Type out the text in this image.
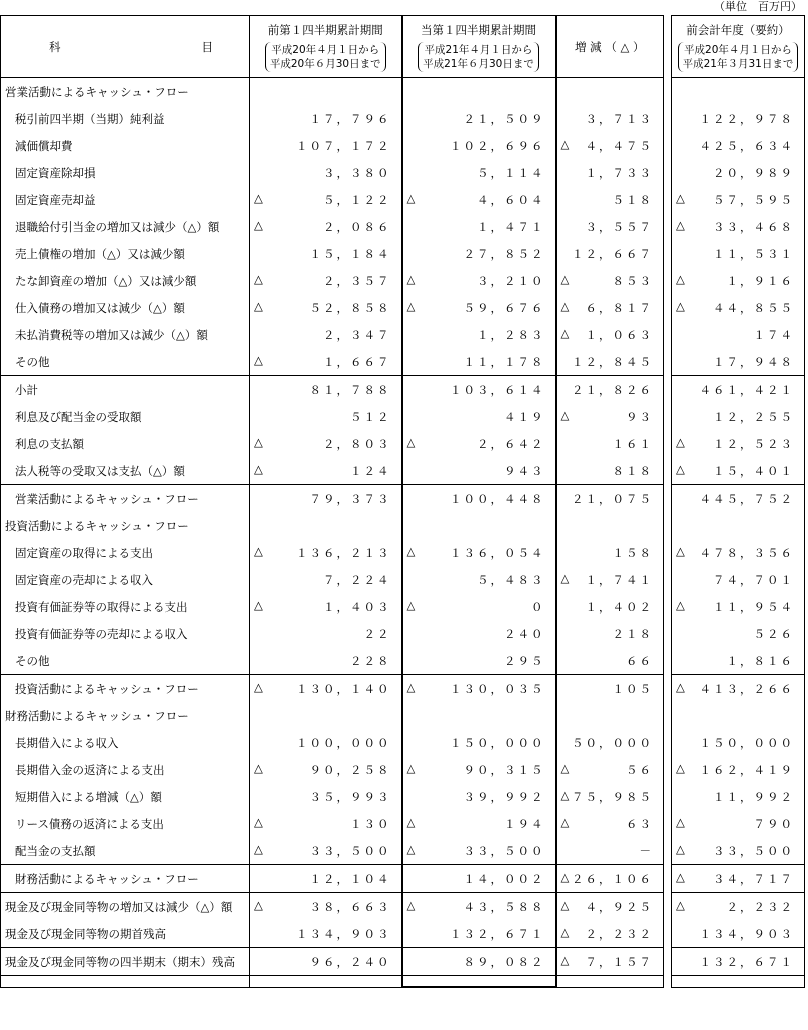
（単位　百万円）
科 目	前第１四半期累計期間
平成20年４月１日から
平成20年６月30日まで	当第１四半期累計期間
平成21年４月１日から
平成21年６月30日まで	増 減 （ △ ）		前会計年度（要約）
平成20年４月１日から
平成21年３月31日まで
営業活動によるキャッシュ・フロー					
税引前四半期（当期）純利益	１７，７９６	２１，５０９	３，７１３		１２２，９７８

減価償却費	１０７，１７２	１０２，６９６	△ ４，４７５		４２５，６３４

固定資産除却損	３，３８０	５，１１４	１，７３３		２０，９８９

固定資産売却益	△ ５，１２２	△ ４，６０４	５１８		△ ５７，５９５

退職給付引当金の増加又は減少（△）額	△ ２，０８６	１，４７１	３，５５７		△ ３３，４６８

売上債権の増加（△）又は減少額	１５，１８４	２７，８５２	１２，６６７		１１，５３１

たな卸資産の増加（△）又は減少額	△ ２，３５７	△ ３，２１０	△ ８５３		△ １，９１６

仕入債務の増加又は減少（△）額	△ ５２，８５８	△ ５９，６７６	△ ６，８１７		△ ４４，８５５

未払消費税等の増加又は減少（△）額	２，３４７	１，２８３	△ １，０６３		１７４

その他	△ １，６６７	１１，１７８	１２，８４５		１７，９４８

小計	８１，７８８	１０３，６１４	２１，８２６		４６１，４２１

利息及び配当金の受取額	５１２	４１９	△ ９３		１２，２５５

利息の支払額	△ ２，８０３	△ ２，６４２	１６１		△ １２，５２３

法人税等の受取又は支払（△）額	△ １２４	９４３	８１８		△ １５，４０１

営業活動によるキャッシュ・フロー	７９，３７３	１００，４４８	２１，０７５		４４５，７５２

投資活動によるキャッシュ・フロー					
固定資産の取得による支出	△ １３６，２１３	△ １３６，０５４	１５８		△ ４７８，３５６

固定資産の売却による収入	７，２２４	５，４８３	△ １，７４１		７４，７０１

投資有価証券等の取得による支出	△ １，４０３	△ ０	１，４０２		△ １１，９５４

投資有価証券等の売却による収入	２２	２４０	２１８		５２６

その他	２２８	２９５	６６		１，８１６

投資活動によるキャッシュ・フロー	△ １３０，１４０	△ １３０，０３５	１０５		△ ４１３，２６６

財務活動によるキャッシュ・フロー					
長期借入による収入	１００，０００	１５０，０００	５０，０００		１５０，０００

長期借入金の返済による支出	△ ９０，２５８	△ ９０，３１５	△ ５６		△ １６２，４１９

短期借入による増減（△）額	３５，９９３	３９，９９２	△ ７５，９８５		１１，９９２

リース債務の返済による支出	△ １３０	△ １９４	△ ６３		△ ７９０

配当金の支払額	△ ３３，５００	△ ３３，５００	－		△ ３３，５００

財務活動によるキャッシュ・フロー	１２，１０４	１４，００２	△ ２６，１０６		△ ３４，７１７

現金及び現金同等物の増加又は減少（△）額	△ ３８，６６３	△ ４３，５８８	△ ４，９２５		△ ２，２３２

現金及び現金同等物の期首残高	１３４，９０３	１３２，６７１	△ ２，２３２		１３４，９０３

現金及び現金同等物の四半期末（期末）残高	９６，２４０	８９，０８２	△ ７，１５７		１３２，６７１
